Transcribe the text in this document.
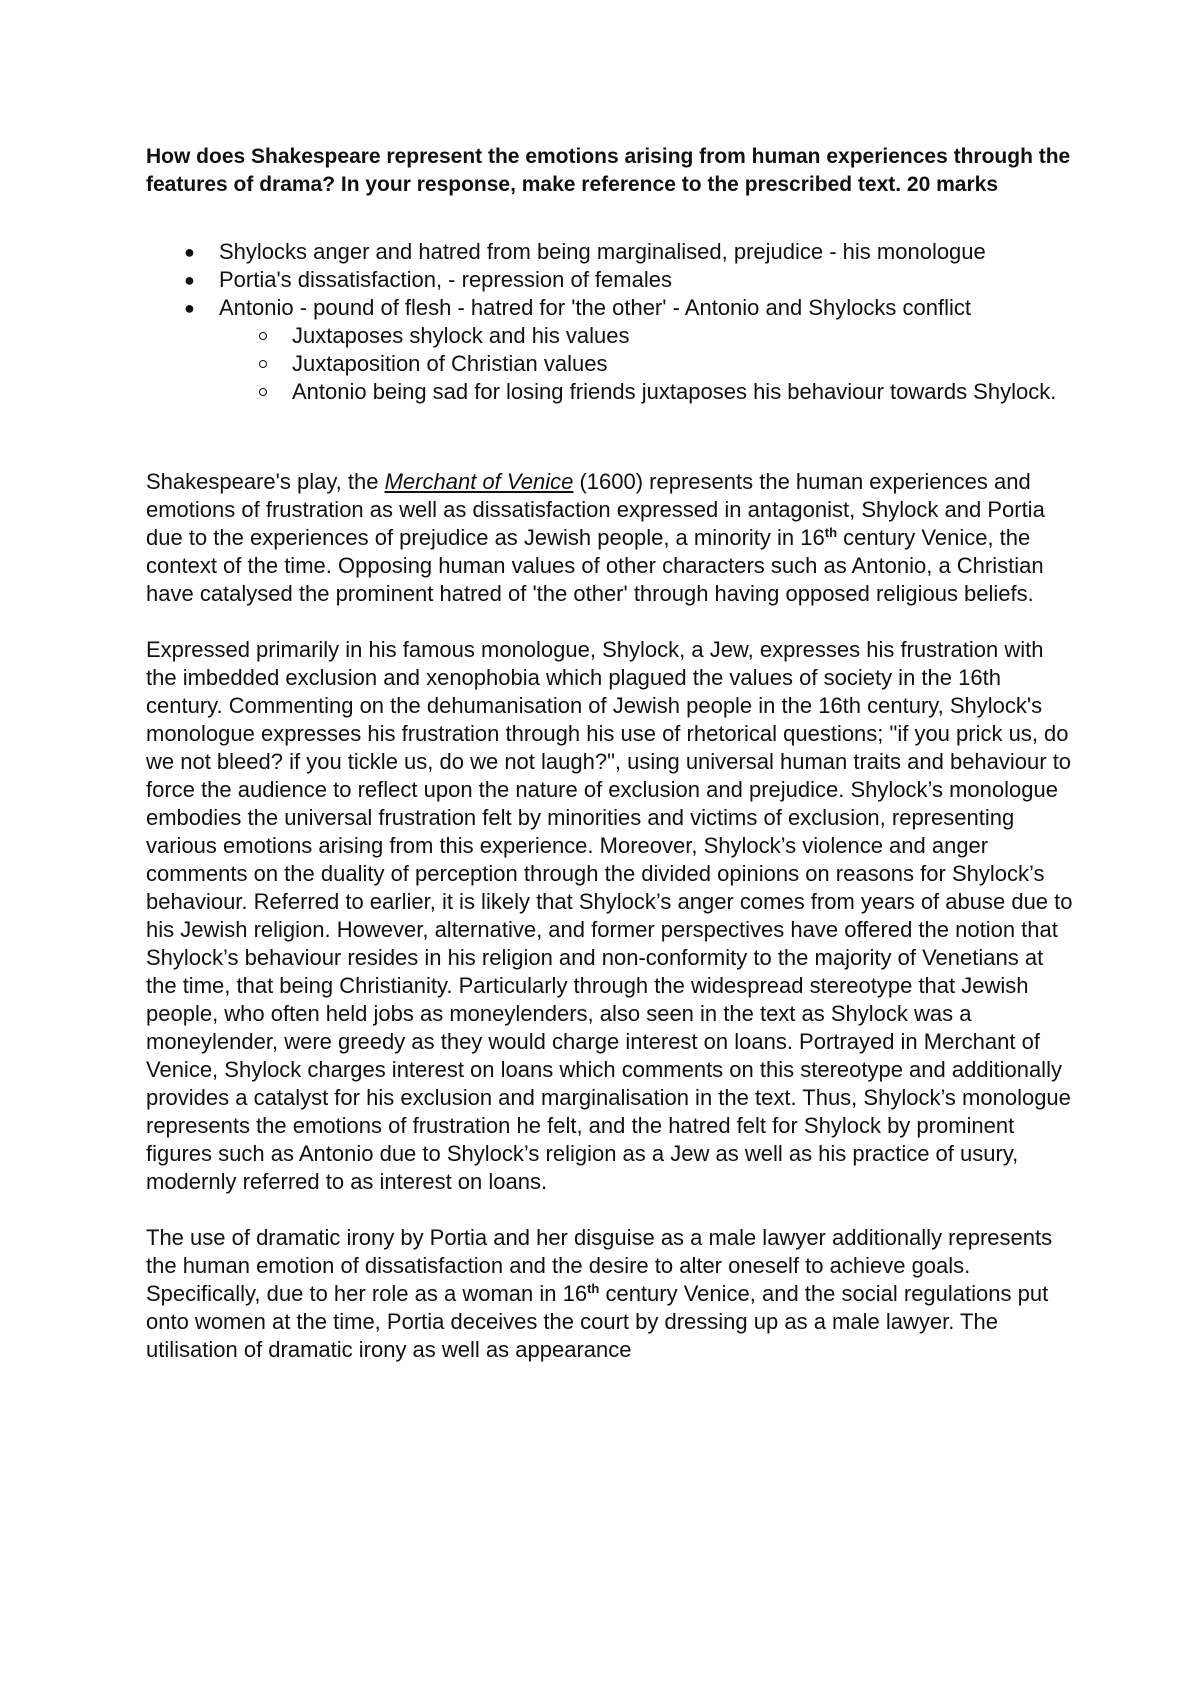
How does Shakespeare represent the emotions arising from human experiences through the features of drama? In your response, make reference to the prescribed text. 20 marks

● Shylocks anger and hatred from being marginalised, prejudice - his monologue
● Portia's dissatisfaction, - repression of females
● Antonio - pound of flesh - hatred for 'the other' - Antonio and Shylocks conflict
Juxtaposes shylock and his values
Juxtaposition of Christian values
Antonio being sad for losing friends juxtaposes his behaviour towards Shylock.

Shakespeare's play, the Merchant of Venice (1600) represents the human experiences and emotions of frustration as well as dissatisfaction expressed in antagonist, Shylock and Portia due to the experiences of prejudice as Jewish people, a minority in 16th century Venice, the context of the time. Opposing human values of other characters such as Antonio, a Christian have catalysed the prominent hatred of 'the other' through having opposed religious beliefs.

Expressed primarily in his famous monologue, Shylock, a Jew, expresses his frustration with the imbedded exclusion and xenophobia which plagued the values of society in the 16th century. Commenting on the dehumanisation of Jewish people in the 16th century, Shylock's monologue expresses his frustration through his use of rhetorical questions; "if you prick us, do we not bleed? if you tickle us, do we not laugh?", using universal human traits and behaviour to force the audience to reflect upon the nature of exclusion and prejudice. Shylock’s monologue embodies the universal frustration felt by minorities and victims of exclusion, representing various emotions arising from this experience. Moreover, Shylock’s violence and anger comments on the duality of perception through the divided opinions on reasons for Shylock’s behaviour. Referred to earlier, it is likely that Shylock’s anger comes from years of abuse due to his Jewish religion. However, alternative, and former perspectives have offered the notion that Shylock’s behaviour resides in his religion and non-conformity to the majority of Venetians at the time, that being Christianity. Particularly through the widespread stereotype that Jewish people, who often held jobs as moneylenders, also seen in the text as Shylock was a moneylender, were greedy as they would charge interest on loans. Portrayed in Merchant of Venice, Shylock charges interest on loans which comments on this stereotype and additionally provides a catalyst for his exclusion and marginalisation in the text. Thus, Shylock’s monologue represents the emotions of frustration he felt, and the hatred felt for Shylock by prominent figures such as Antonio due to Shylock’s religion as a Jew as well as his practice of usury, modernly referred to as interest on loans.

The use of dramatic irony by Portia and her disguise as a male lawyer additionally represents the human emotion of dissatisfaction and the desire to alter oneself to achieve goals. Specifically, due to her role as a woman in 16th century Venice, and the social regulations put onto women at the time, Portia deceives the court by dressing up as a male lawyer. The utilisation of dramatic irony as well as appearance
